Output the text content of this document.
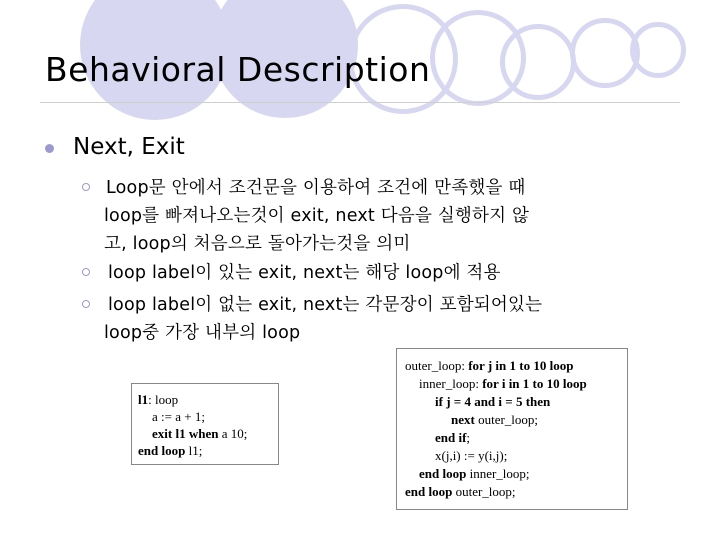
Behavioral Description
Next, Exit
Loop문 안에서 조건문을 이용하여 조건에 만족했을 때
loop를 빠져나오는것이 exit, next 다음을 실행하지 않
고, loop의 처음으로 돌아가는것을 의미
loop label이 있는 exit, next는 해당 loop에 적용
loop label이 없는 exit, next는 각문장이 포함되어있는
loop중 가장 내부의 loop
l1: loop
a := a + 1;
exit l1 when a 10;
end loop l1;
outer_loop: for j in 1 to 10 loop
inner_loop: for i in 1 to 10 loop
if j = 4 and i = 5 then
next outer_loop;
end if;
x(j,i) := y(i,j);
end loop inner_loop;
end loop outer_loop;
